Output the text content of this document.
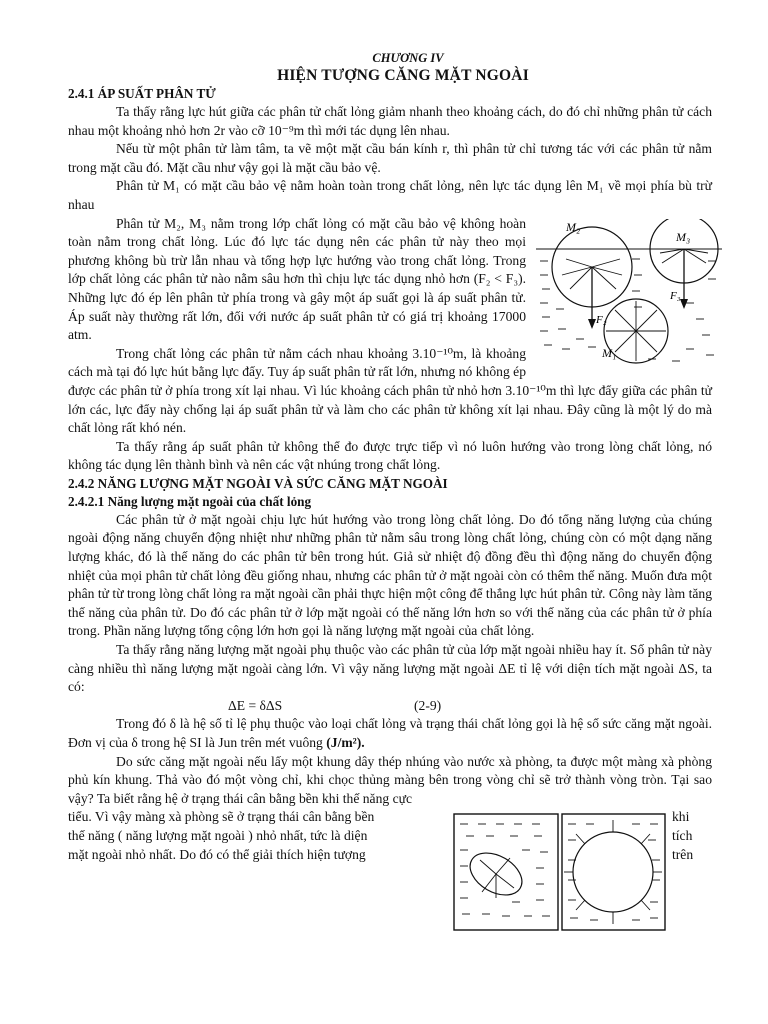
CHƯƠNG IV
HIỆN TƯỢNG CĂNG MẶT NGOÀI
2.4.1 ÁP SUẤT PHÂN TỬ

Ta thấy rằng lực hút giữa các phân tử chất lỏng giảm nhanh theo khoảng cách, do đó chỉ những phân tử cách nhau một khoảng nhỏ hơn 2r vào cỡ 10⁻⁹m thì mới tác dụng lên nhau.

Nếu từ một phân tử làm tâm, ta vẽ một mặt cầu bán kính r, thì phân tử chỉ tương tác với các phân tử nằm trong mặt cầu đó. Mặt cầu như vậy gọi là mặt cầu bảo vệ.

Phân tử M₁ có mặt cầu bảo vệ nằm hoàn toàn trong chất lỏng, nên lực tác dụng lên M₁ về mọi phía bù trừ nhau

M₂
M₃
M₁
F₂
F₃

Phân tử M₂, M₃ nằm trong lớp chất lỏng có mặt cầu bảo vệ không hoàn toàn nằm trong chất lỏng. Lúc đó lực tác dụng nên các phân tử này theo mọi phương không bù trừ lẫn nhau và tổng hợp lực hướng vào trong chất lỏng. Trong lớp chất lỏng các phân tử nào nằm sâu hơn thì chịu lực tác dụng nhỏ hơn (F₂ < F₃). Những lực đó ép lên phân tử phía trong và gây một áp suất gọi là áp suất phân tử. Áp suất này thường rất lớn, đối với nước áp suất phân tử có giá trị khoảng 17000 atm.

Trong chất lỏng các phân tử nằm cách nhau khoảng 3.10⁻¹⁰m, là khoảng cách mà tại đó lực hút bằng lực đẩy. Tuy áp suất phân tử rất lớn, nhưng nó không ép được các phân tử ở phía trong xít lại nhau. Vì lúc khoảng cách phân tử nhỏ hơn 3.10⁻¹⁰m thì lực đẩy giữa các phân tử lớn các, lực đẩy này chống lại áp suất phân tử và làm cho các phân tử không xít lại nhau. Đây cũng là một lý do mà chất lỏng rất khó nén.

Ta thấy rằng áp suất phân tử không thể đo được trực tiếp vì nó luôn hướng vào trong lòng chất lỏng, nó không tác dụng lên thành bình và nên các vật nhúng trong chất lỏng.

2.4.2 NĂNG LƯỢNG MẶT NGOÀI VÀ SỨC CĂNG MẶT NGOÀI
2.4.2.1 Năng lượng mặt ngoài của chất lỏng

Các phân tử ở mặt ngoài chịu lực hút hướng vào trong lòng chất lỏng. Do đó tổng năng lượng của chúng ngoài động năng chuyển động nhiệt như những phân tử nằm sâu trong lòng chất lỏng, chúng còn có một dạng năng lượng khác, đó là thế năng do các phân tử bên trong hút. Giả sử nhiệt độ đồng đều thì động năng do chuyển động nhiệt của mọi phân tử chất lỏng đều giống nhau, nhưng các phân tử ở mặt ngoài còn có thêm thế năng. Muốn đưa một phân tử từ trong lòng chất lỏng ra mặt ngoài cần phải thực hiện một công để thắng lực hút phân tử. Công này làm tăng thế năng của phân tử. Do đó các phân tử ở lớp mặt ngoài có thế năng lớn hơn so với thế năng của các phân tử ở phía trong. Phần năng lượng tổng cộng lớn hơn gọi là năng lượng mặt ngoài của chất lỏng.

Ta thấy rằng năng lượng mặt ngoài phụ thuộc vào các phân tử của lớp mặt ngoài nhiều hay ít. Số phân tử này càng nhiều thì năng lượng mặt ngoài càng lớn. Vì vậy năng lượng mặt ngoài ΔE tỉ lệ với diện tích mặt ngoài ΔS, ta có:

ΔE = δΔS	(2-9)

Trong đó δ là hệ số tỉ lệ phụ thuộc vào loại chất lỏng và trạng thái chất lỏng gọi là hệ số sức căng mặt ngoài. Đơn vị của δ trong hệ SI là Jun trên mét vuông (J/m²).

Do sức căng mặt ngoài nếu lấy một khung dây thép nhúng vào nước xà phòng, ta được một màng xà phòng phủ kín khung. Thả vào đó một vòng chỉ, khi chọc thủng màng bên trong vòng chỉ sẽ trở thành vòng tròn. Tại sao vậy? Ta biết rằng hệ ở trạng thái cân bằng bền khi thế năng cực

tiểu. Vì vậy màng xà phòng sẽ ở trạng thái cân bằng bền	khi
thế năng ( năng lượng mặt ngoài ) nhỏ nhất, tức là diện	tích
mặt ngoài nhỏ nhất. Do đó có thể giải thích hiện tượng	trên
